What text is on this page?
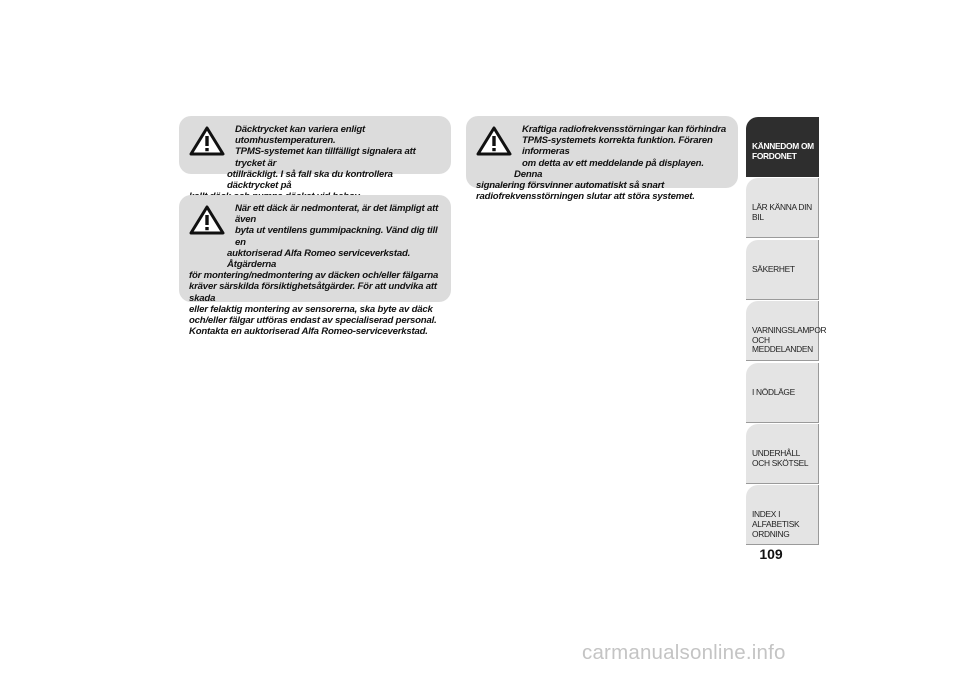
Däcktrycket kan variera enligt utomhustemperaturen.
TPMS-systemet kan tillfälligt signalera att trycket är
otillräckligt. I så fall ska du kontrollera däcktrycket på
När ett däck är nedmonterat, är det lämpligt att även
byta ut ventilens gummipackning. Vänd dig till en
auktoriserad Alfa Romeo serviceverkstad. Åtgärderna
för montering/nedmontering av däcken och/eller fälgarna
kräver särskilda försiktighetsåtgärder. För att undvika att skada
eller felaktig montering av sensorerna, ska byte av däck
och/eller fälgar utföras endast av specialiserad personal.
Kontakta en auktoriserad Alfa Romeo-serviceverkstad.
Kraftiga radiofrekvensstörningar kan förhindra
TPMS-systemets korrekta funktion. Föraren informeras
om detta av ett meddelande på displayen. Denna
signalering försvinner automatiskt så snart
radiofrekvensstörningen slutar att störa systemet.
KÄNNEDOM OM FORDONET
LÄR KÄNNA DIN BIL
SÄKERHET
VARNINGSLAMPOR OCH MEDDELANDEN
I NÖDLÄGE
UNDERHÅLL OCH SKÖTSEL
INDEX I ALFABETISK ORDNING
109
carmanualsonline.info
